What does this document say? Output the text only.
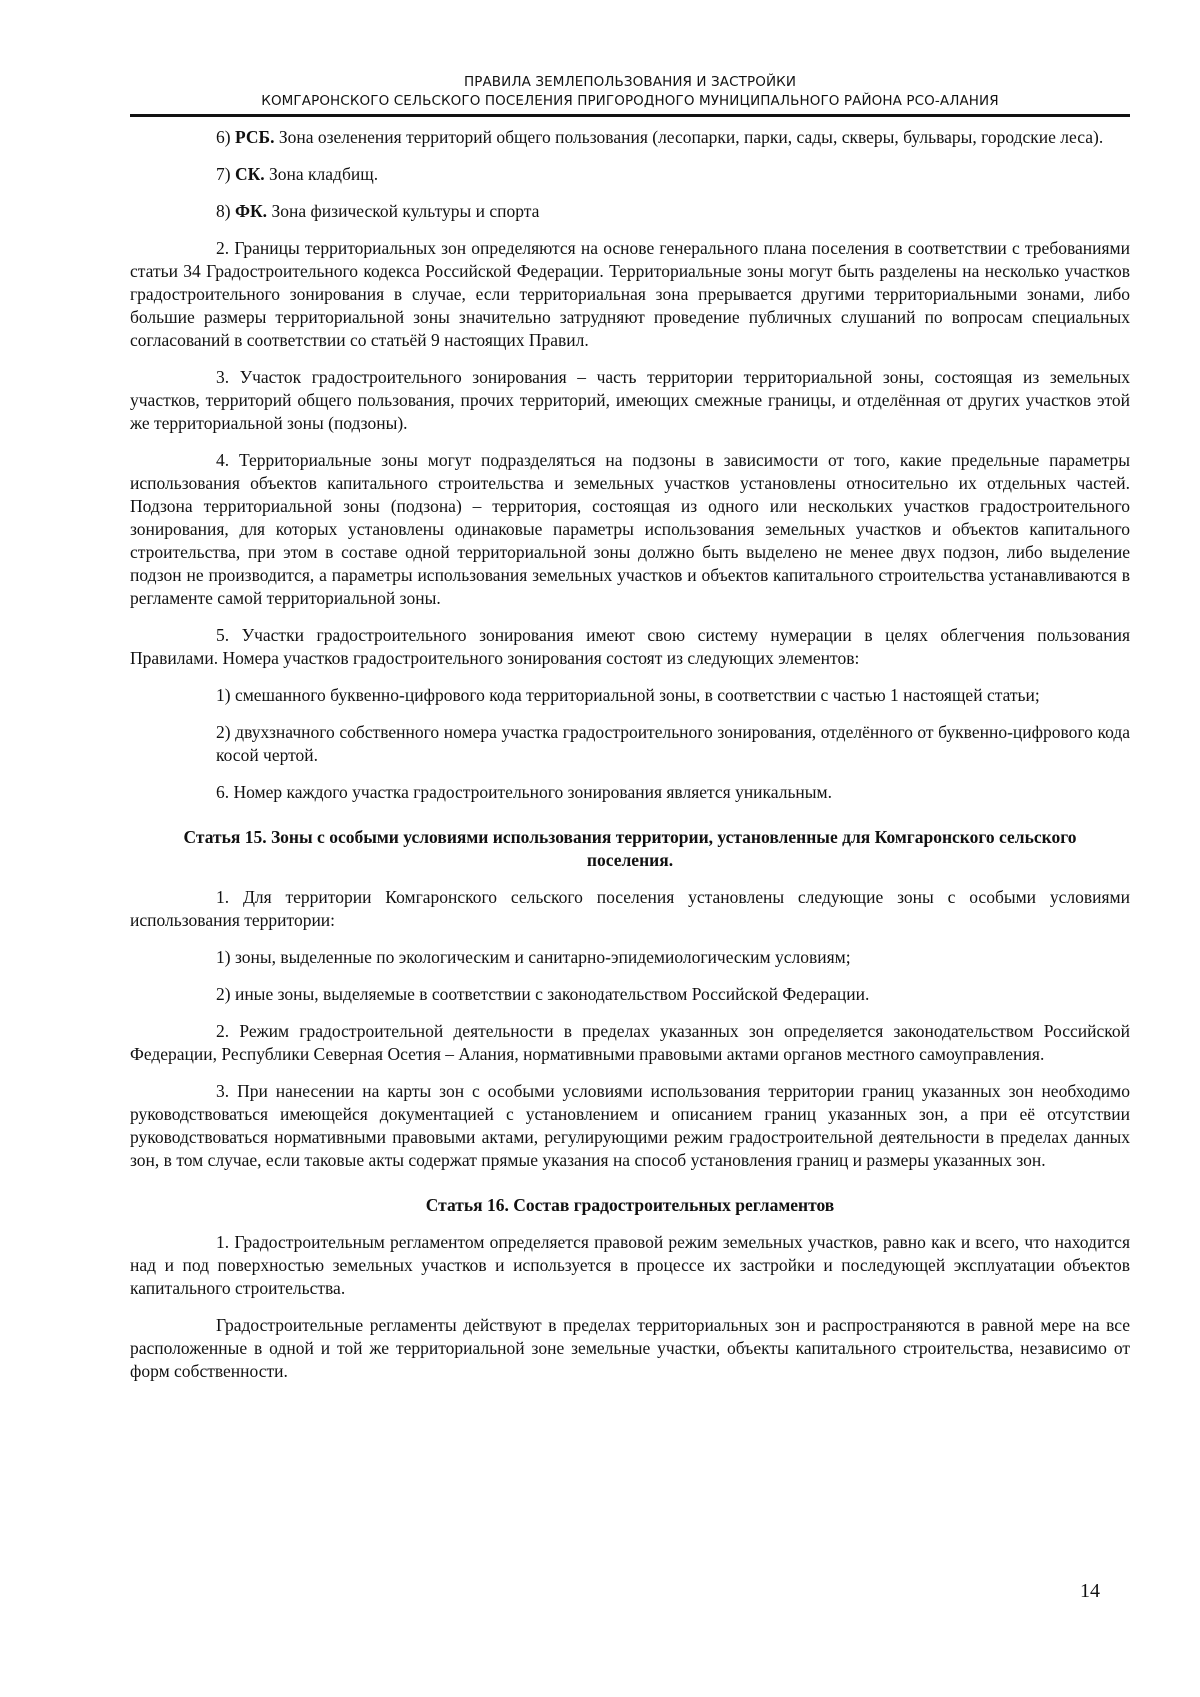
ПРАВИЛА ЗЕМЛЕПОЛЬЗОВАНИЯ И ЗАСТРОЙКИ
КОМГАРОНСКОГО СЕЛЬСКОГО ПОСЕЛЕНИЯ ПРИГОРОДНОГО МУНИЦИПАЛЬНОГО РАЙОНА РСО-АЛАНИЯ

6) РСБ. Зона озеленения территорий общего пользования (лесопарки, парки, сады, скверы, бульвары, городские леса).

7) СК. Зона кладбищ.

8) ФК. Зона физической культуры и спорта

2. Границы территориальных зон определяются на основе генерального плана поселения в соответствии с требованиями статьи 34 Градостроительного кодекса Российской Федерации. Территориальные зоны могут быть разделены на несколько участков градостроительного зонирования в случае, если территориальная зона прерывается другими территориальными зонами, либо большие размеры территориальной зоны значительно затрудняют проведение публичных слушаний по вопросам специальных согласований в соответствии со статьёй 9 настоящих Правил.

3. Участок градостроительного зонирования – часть территории территориальной зоны, состоящая из земельных участков, территорий общего пользования, прочих территорий, имеющих смежные границы, и отделённая от других участков этой же территориальной зоны (подзоны).

4. Территориальные зоны могут подразделяться на подзоны в зависимости от того, какие предельные параметры использования объектов капитального строительства и земельных участков установлены относительно их отдельных частей. Подзона территориальной зоны (подзона) – территория, состоящая из одного или нескольких участков градостроительного зонирования, для которых установлены одинаковые параметры использования земельных участков и объектов капитального строительства, при этом в составе одной территориальной зоны должно быть выделено не менее двух подзон, либо выделение подзон не производится, а параметры использования земельных участков и объектов капитального строительства устанавливаются в регламенте самой территориальной зоны.

5. Участки градостроительного зонирования имеют свою систему нумерации в целях облегчения пользования Правилами. Номера участков градостроительного зонирования состоят из следующих элементов:

1) смешанного буквенно-цифрового кода территориальной зоны, в соответствии с частью 1 настоящей статьи;

2) двухзначного собственного номера участка градостроительного зонирования, отделённого от буквенно-цифрового кода косой чертой.

6. Номер каждого участка градостроительного зонирования является уникальным.

Статья 15. Зоны с особыми условиями использования территории, установленные для Комгаронского сельского поселения.

1. Для территории Комгаронского сельского поселения установлены следующие зоны с особыми условиями использования территории:

1) зоны, выделенные по экологическим и санитарно-эпидемиологическим условиям;

2) иные зоны, выделяемые в соответствии с законодательством Российской Федерации.

2. Режим градостроительной деятельности в пределах указанных зон определяется законодательством Российской Федерации, Республики Северная Осетия – Алания, нормативными правовыми актами органов местного самоуправления.

3. При нанесении на карты зон с особыми условиями использования территории границ указанных зон необходимо руководствоваться имеющейся документацией с установлением и описанием границ указанных зон, а при её отсутствии руководствоваться нормативными правовыми актами, регулирующими режим градостроительной деятельности в пределах данных зон, в том случае, если таковые акты содержат прямые указания на способ установления границ и размеры указанных зон.

Статья 16. Состав градостроительных регламентов

1. Градостроительным регламентом определяется правовой режим земельных участков, равно как и всего, что находится над и под поверхностью земельных участков и используется в процессе их застройки и последующей эксплуатации объектов капитального строительства.

Градостроительные регламенты действуют в пределах территориальных зон и распространяются в равной мере на все расположенные в одной и той же территориальной зоне земельные участки, объекты капитального строительства, независимо от форм собственности.

14
